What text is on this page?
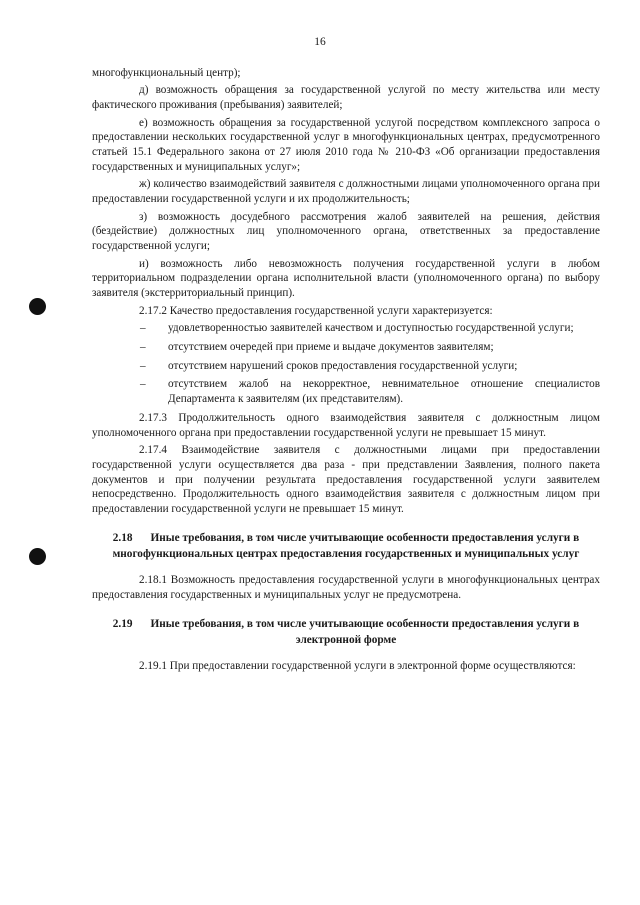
16

многофункциональный центр);

д) возможность обращения за государственной услугой по месту жительства или месту фактического проживания (пребывания) заявителей;

е) возможность обращения за государственной услугой посредством комплексного запроса о предоставлении нескольких государственной услуг в многофункциональных центрах, предусмотренного статьей 15.1 Федерального закона от 27 июля 2010 года № 210-ФЗ «Об организации предоставления государственных и муниципальных услуг»;

ж) количество взаимодействий заявителя с должностными лицами уполномоченного органа при предоставлении государственной услуги и их продолжительность;

з) возможность досудебного рассмотрения жалоб заявителей на решения, действия (бездействие) должностных лиц уполномоченного органа, ответственных за предоставление государственной услуги;

и) возможность либо невозможность получения государственной услуги в любом территориальном подразделении органа исполнительной власти (уполномоченного органа) по выбору заявителя (экстерриториальный принцип).

2.17.2 Качество предоставления государственной услуги характеризуется:

–	удовлетворенностью заявителей качеством и доступностью государственной услуги;
–	отсутствием очередей при приеме и выдаче документов заявителям;
–	отсутствием нарушений сроков предоставления государственной услуги;
–	отсутствием жалоб на некорректное, невнимательное отношение специалистов Департамента к заявителям (их представителям).

2.17.3 Продолжительность одного взаимодействия заявителя с должностным лицом уполномоченного органа при предоставлении государственной услуги не превышает 15 минут.

2.17.4 Взаимодействие заявителя с должностными лицами при предоставлении государственной услуги осуществляется два раза - при представлении Заявления, полного пакета документов и при получении результата предоставления государственной услуги заявителем непосредственно. Продолжительность одного взаимодействия заявителя с должностным лицом при предоставлении государственной услуги не превышает 15 минут.

2.18 Иные требования, в том числе учитывающие особенности предоставления услуги в многофункциональных центрах предоставления государственных и муниципальных услуг

2.18.1 Возможность предоставления государственной услуги в многофункциональных центрах предоставления государственных и муниципальных услуг не предусмотрена.

2.19 Иные требования, в том числе учитывающие особенности предоставления услуги в электронной форме

2.19.1 При предоставлении государственной услуги в электронной форме осуществляются:
